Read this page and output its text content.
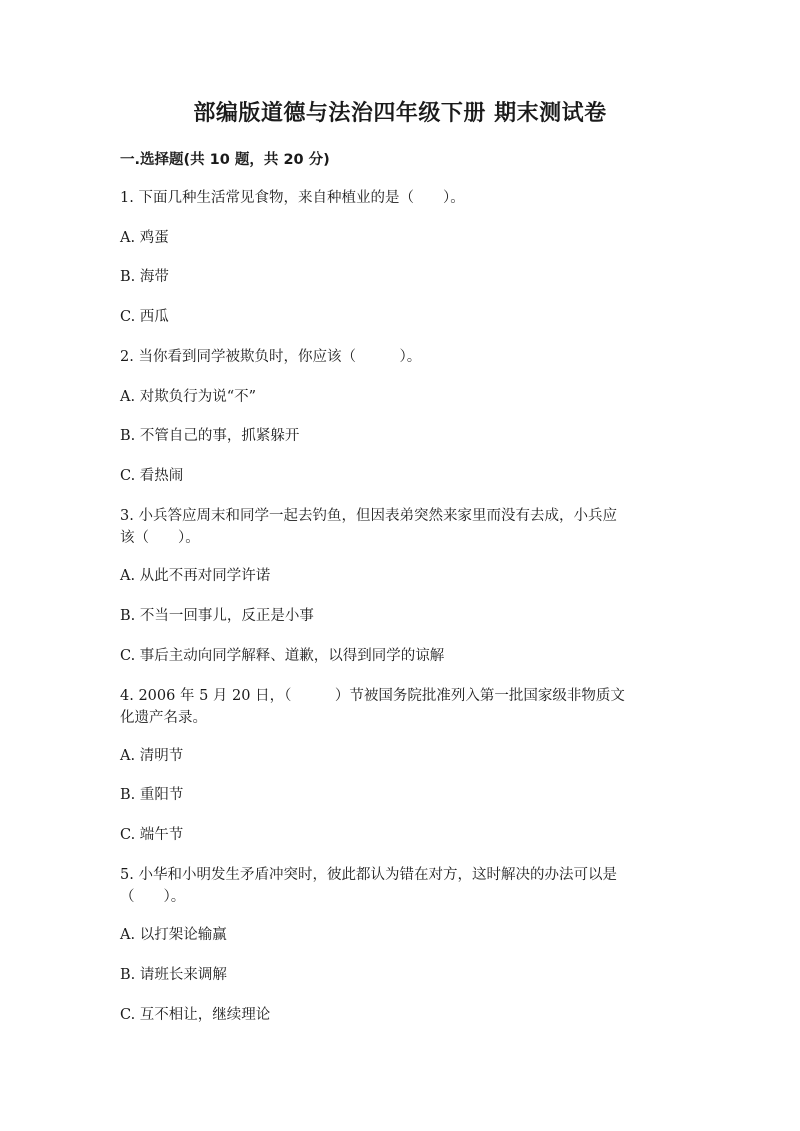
部编版道德与法治四年级下册 期末测试卷
一.选择题(共 10 题，共 20 分)
1. 下面几种生活常见食物，来自种植业的是（　　）。
A. 鸡蛋
B. 海带
C. 西瓜
2. 当你看到同学被欺负时，你应该（　　　）。
A. 对欺负行为说“不”
B. 不管自己的事，抓紧躲开
C. 看热闹
3. 小兵答应周末和同学一起去钓鱼，但因表弟突然来家里而没有去成，小兵应
该（　　）。
A. 从此不再对同学许诺
B. 不当一回事儿，反正是小事
C. 事后主动向同学解释、道歉，以得到同学的谅解
4. 2006 年 5 月 20 日，（　　　）节被国务院批准列入第一批国家级非物质文
化遗产名录。
A. 清明节
B. 重阳节
C. 端午节
5. 小华和小明发生矛盾冲突时，彼此都认为错在对方，这时解决的办法可以是
（　　）。
A. 以打架论输赢
B. 请班长来调解
C. 互不相让，继续理论
